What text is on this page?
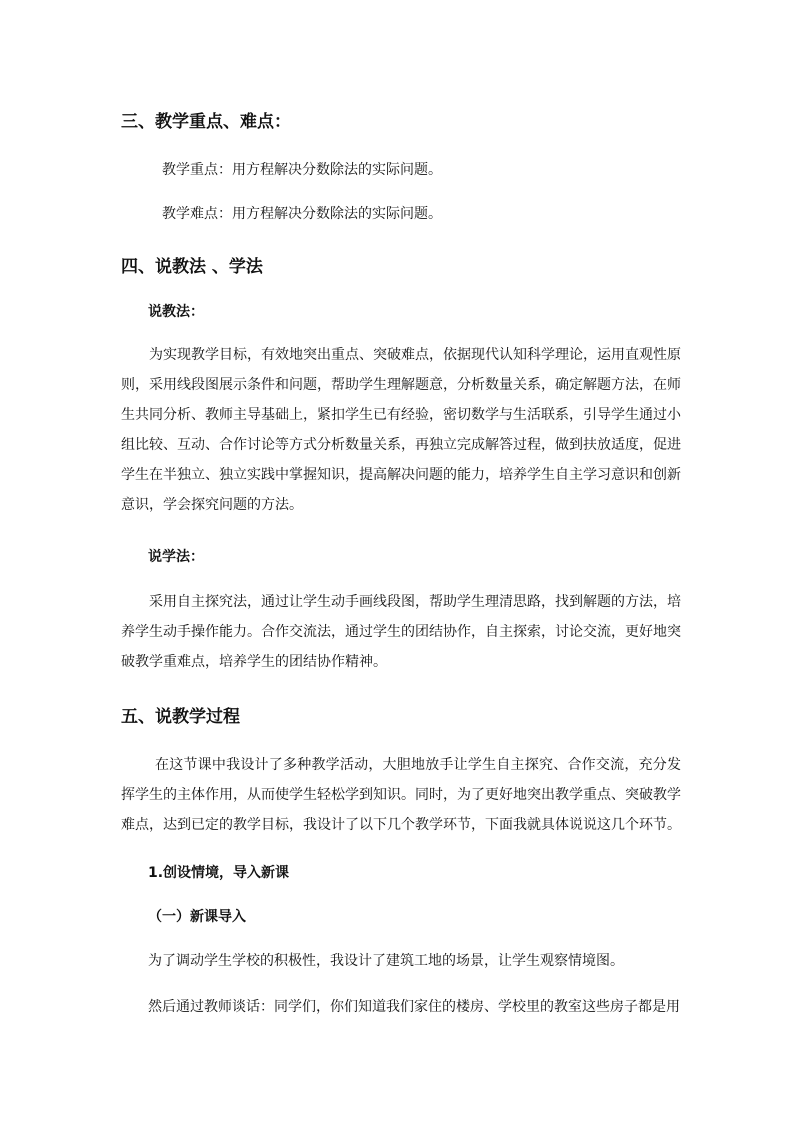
三、教学重点、难点：
教学重点：用方程解决分数除法的实际问题。
教学难点：用方程解决分数除法的实际问题。
四、说教法 、学法
说教法：
为实现教学目标，有效地突出重点、突破难点，依据现代认知科学理论，运用直观性原则，采用线段图展示条件和问题，帮助学生理解题意，分析数量关系，确定解题方法，在师生共同分析、教师主导基础上，紧扣学生已有经验，密切数学与生活联系，引导学生通过小组比较、互动、合作讨论等方式分析数量关系，再独立完成解答过程，做到扶放适度，促进学生在半独立、独立实践中掌握知识，提高解决问题的能力，培养学生自主学习意识和创新意识，学会探究问题的方法。
说学法：
采用自主探究法，通过让学生动手画线段图，帮助学生理清思路，找到解题的方法，培养学生动手操作能力。合作交流法，通过学生的团结协作，自主探索，讨论交流，更好地突破教学重难点，培养学生的团结协作精神。
五、说教学过程
在这节课中我设计了多种教学活动，大胆地放手让学生自主探究、合作交流，充分发挥学生的主体作用，从而使学生轻松学到知识。同时，为了更好地突出教学重点、突破教学难点，达到已定的教学目标，我设计了以下几个教学环节，下面我就具体说说这几个环节。
1.创设情境，导入新课
（一）新课导入
为了调动学生学校的积极性，我设计了建筑工地的场景，让学生观察情境图。
然后通过教师谈话：同学们，你们知道我们家住的楼房、学校里的教室这些房子都是用
